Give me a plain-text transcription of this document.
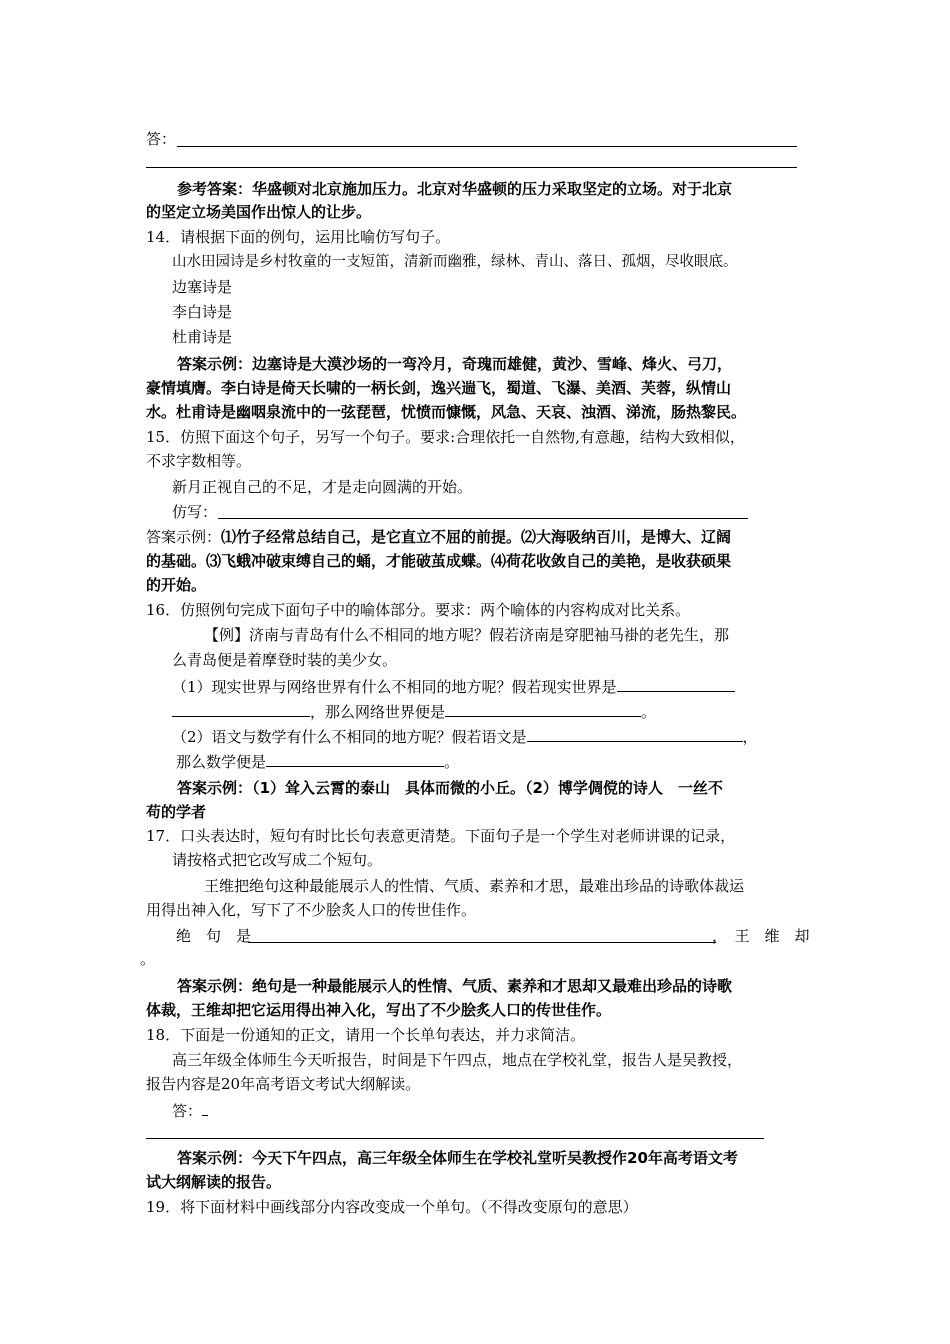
答：
参考答案：华盛顿对北京施加压力。北京对华盛顿的压力采取坚定的立场。对于北京
的坚定立场美国作出惊人的让步。
14．请根据下面的例句，运用比喻仿写句子。
山水田园诗是乡村牧童的一支短笛，清新而幽雅，绿林、青山、落日、孤烟，尽收眼底。
边塞诗是
李白诗是
杜甫诗是
答案示例：边塞诗是大漠沙场的一弯冷月，奇瑰而雄健，黄沙、雪峰、烽火、弓刀，
豪情填膺。李白诗是倚天长啸的一柄长剑，逸兴遄飞，蜀道、飞瀑、美酒、芙蓉，纵情山
水。杜甫诗是幽咽泉流中的一弦琵琶，忧愤而慷慨，风急、天哀、浊酒、涕流，肠热黎民。
15．仿照下面这个句子，另写一个句子。要求:合理依托一自然物,有意趣，结构大致相似，
不求字数相等。
新月正视自己的不足，才是走向圆满的开始。
仿写：
答案示例：⑴竹子经常总结自己，是它直立不屈的前提。⑵大海吸纳百川，是博大、辽阔
的基础。⑶飞蛾冲破束缚自己的蛹，才能破茧成蝶。⑷荷花收敛自己的美艳，是收获硕果
的开始。
16．仿照例句完成下面句子中的喻体部分。要求：两个喻体的内容构成对比关系。
【例】济南与青岛有什么不相同的地方呢？假若济南是穿肥袖马褂的老先生，那
么青岛便是着摩登时装的美少女。
（1）现实世界与网络世界有什么不相同的地方呢？假若现实世界是
，那么网络世界便是	。
（2）语文与数学有什么不相同的地方呢？假若语文是	，
那么数学便是	。
答案示例：（1）耸入云霄的泰山　具体而微的小丘。（2）博学倜傥的诗人　一丝不
苟的学者
17．口头表达时，短句有时比长句表意更清楚。下面句子是一个学生对老师讲课的记录，
请按格式把它改写成二个短句。
王维把绝句这种最能展示人的性情、气质、素养和才思，最难出珍品的诗歌体裁运
用得出神入化，写下了不少脍炙人口的传世佳作。
绝　句　是	，　王　维　却
。
答案示例：绝句是一种最能展示人的性情、气质、素养和才思却又最难出珍品的诗歌
体裁，王维却把它运用得出神入化，写出了不少脍炙人口的传世佳作。
18．下面是一份通知的正文，请用一个长单句表达，并力求简洁。
高三年级全体师生今天听报告，时间是下午四点，地点在学校礼堂，报告人是吴教授，
报告内容是20年高考语文考试大纲解读。
答：
答案示例：今天下午四点，高三年级全体师生在学校礼堂听吴教授作20年高考语文考
试大纲解读的报告。
19．将下面材料中画线部分内容改变成一个单句。（不得改变原句的意思）
